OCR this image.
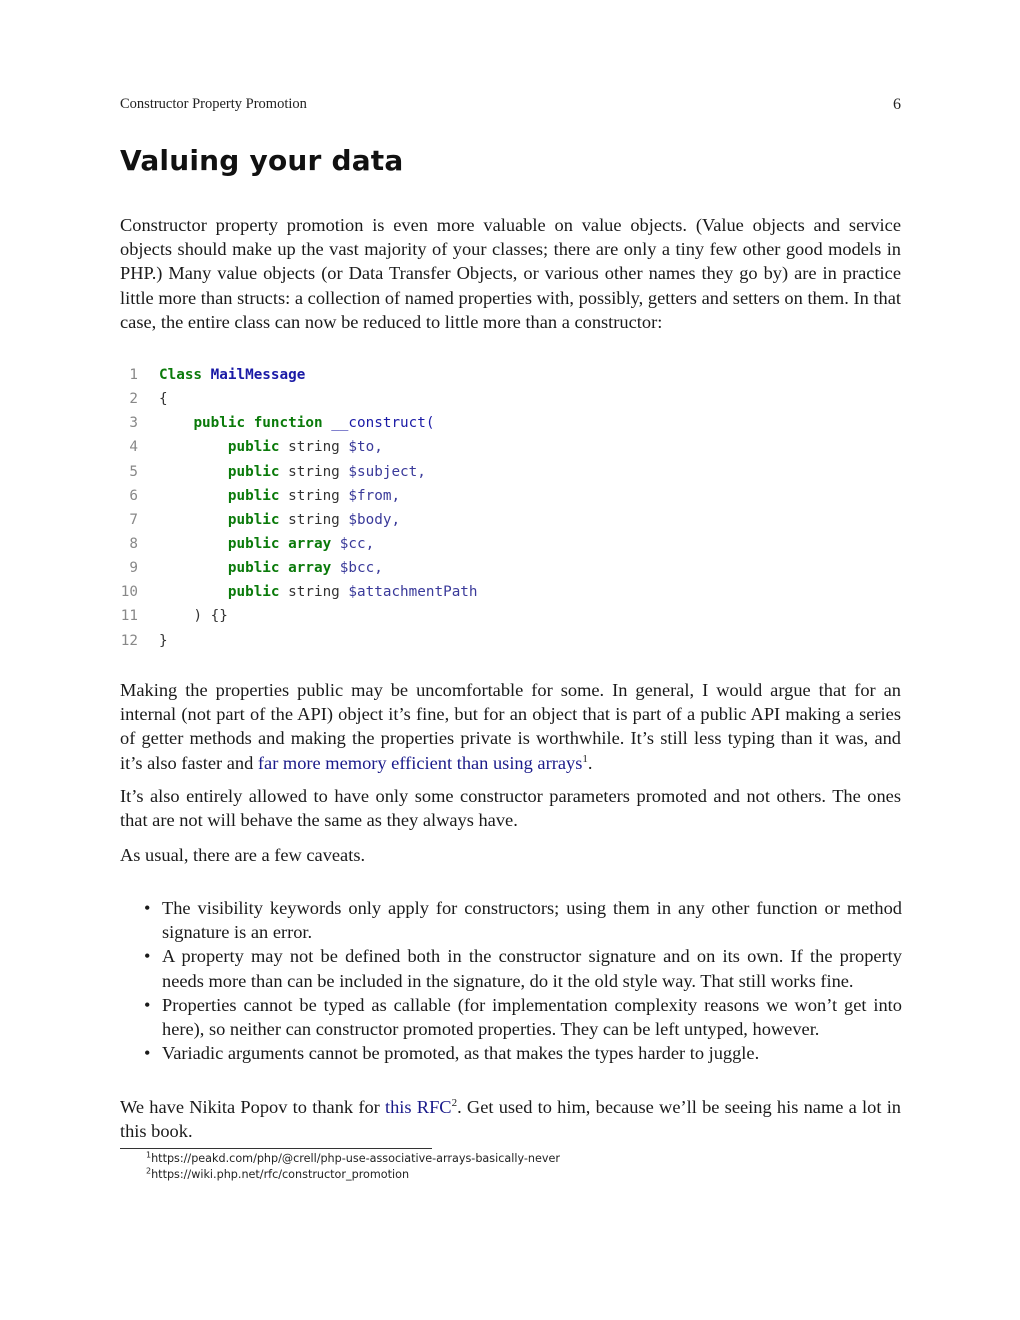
Constructor Property Promotion	6
Valuing your data

Constructor property promotion is even more valuable on value objects. (Value objects and service objects should make up the vast majority of your classes; there are only a tiny few other good models in PHP.) Many value objects (or Data Transfer Objects, or various other names they go by) are in practice little more than structs: a collection of named properties with, possibly, getters and setters on them. In that case, the entire class can now be reduced to little more than a constructor:

1	Class MailMessage
2	{
3	public function __construct(
4	public string $to,
5	public string $subject,
6	public string $from,
7	public string $body,
8	public array $cc,
9	public array $bcc,
10	public string $attachmentPath
11	) {}
12	}

Making the properties public may be uncomfortable for some. In general, I would argue that for an internal (not part of the API) object it’s fine, but for an object that is part of a public API making a series of getter methods and making the properties private is worthwhile. It’s still less typing than it was, and it’s also faster and far more memory efficient than using arrays$^1$.

It’s also entirely allowed to have only some constructor parameters promoted and not others. The ones that are not will behave the same as they always have.

As usual, there are a few caveats.

• The visibility keywords only apply for constructors; using them in any other function or method signature is an error.
• A property may not be defined both in the constructor signature and on its own. If the property needs more than can be included in the signature, do it the old style way. That still works fine.
• Properties cannot be typed as callable (for implementation complexity reasons we won’t get into here), so neither can constructor promoted properties. They can be left untyped, however.
• Variadic arguments cannot be promoted, as that makes the types harder to juggle.

We have Nikita Popov to thank for this RFC$^2$. Get used to him, because we’ll be seeing his name a lot in this book.

$^1$https://peakd.com/php/@crell/php-use-associative-arrays-basically-never
$^2$https://wiki.php.net/rfc/constructor_promotion
